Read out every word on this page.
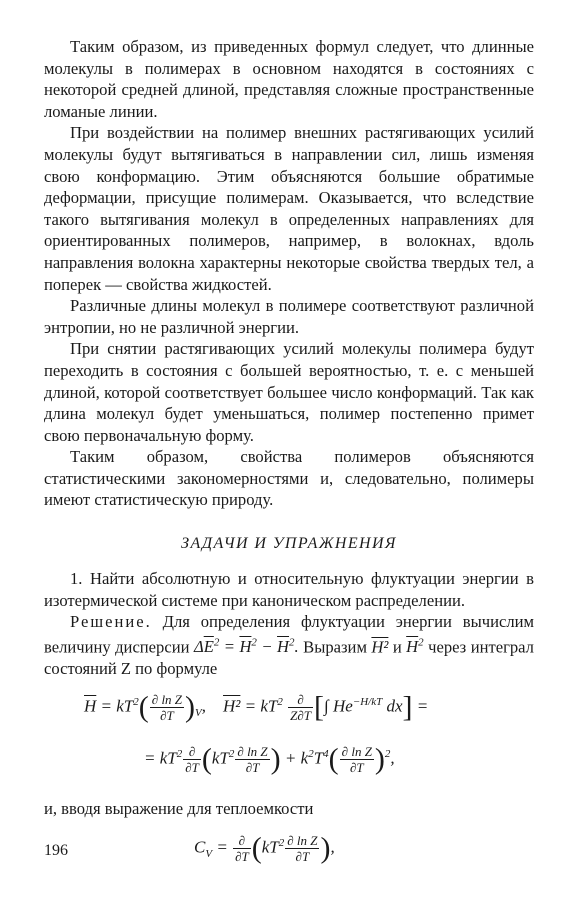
Таким образом, из приведенных формул следует, что длинные молекулы в полимерах в основном находятся в состояниях с некоторой средней длиной, представляя сложные пространственные ломаные линии.

При воздействии на полимер внешних растягивающих усилий молекулы будут вытягиваться в направлении сил, лишь изменяя свою конформацию. Этим объясняются большие обратимые деформации, присущие полимерам. Оказывается, что вследствие такого вытягивания молекул в определенных направлениях для ориентированных полимеров, например, в волокнах, вдоль направления волокна характерны некоторые свойства твердых тел, а поперек — свойства жидкостей.

Различные длины молекул в полимере соответствуют различной энтропии, но не различной энергии.

При снятии растягивающих усилий молекулы полимера будут переходить в состояния с большей вероятностью, т. е. с меньшей длиной, которой соответствует большее число конформаций. Так как длина молекул будет уменьшаться, полимер постепенно примет свою первоначальную форму.

Таким образом, свойства полимеров объясняются статистическими закономерностями и, следовательно, полимеры имеют статистическую природу.

ЗАДАЧИ И УПРАЖНЕНИЯ

1. Найти абсолютную и относительную флуктуации энергии в изотермической системе при каноническом распределении.

Решение. Для определения флуктуации энергии вычислим величину дисперсии $\Delta\overline{E}^2 = \overline{H}^2 - \overline{H}^2$. Выразим H² и $\overline{H}^2$ через интеграл состояний Z по формуле

$\overline{H} = kT^2( \frac{\text{∂ ln Z}}{\partial T} )_V$,    $H^2 = kT^2 \frac{\partial}{Z\partial T}$ [∫ $He^{-H/kT}$ dx] =
= $kT^2 \frac{\partial}{\partial T} (kT^2 \frac{\text{∂ ln Z}}{\partial T}$ ) + $k^2T^4( \frac{\text{∂ ln Z}}{\partial T} )^2$,

и, вводя выражение для теплоемкости

$C_V = \frac{\partial}{\partial T} (kT^2 \frac{\text{∂ ln Z}}{\partial T}$ ),
196
